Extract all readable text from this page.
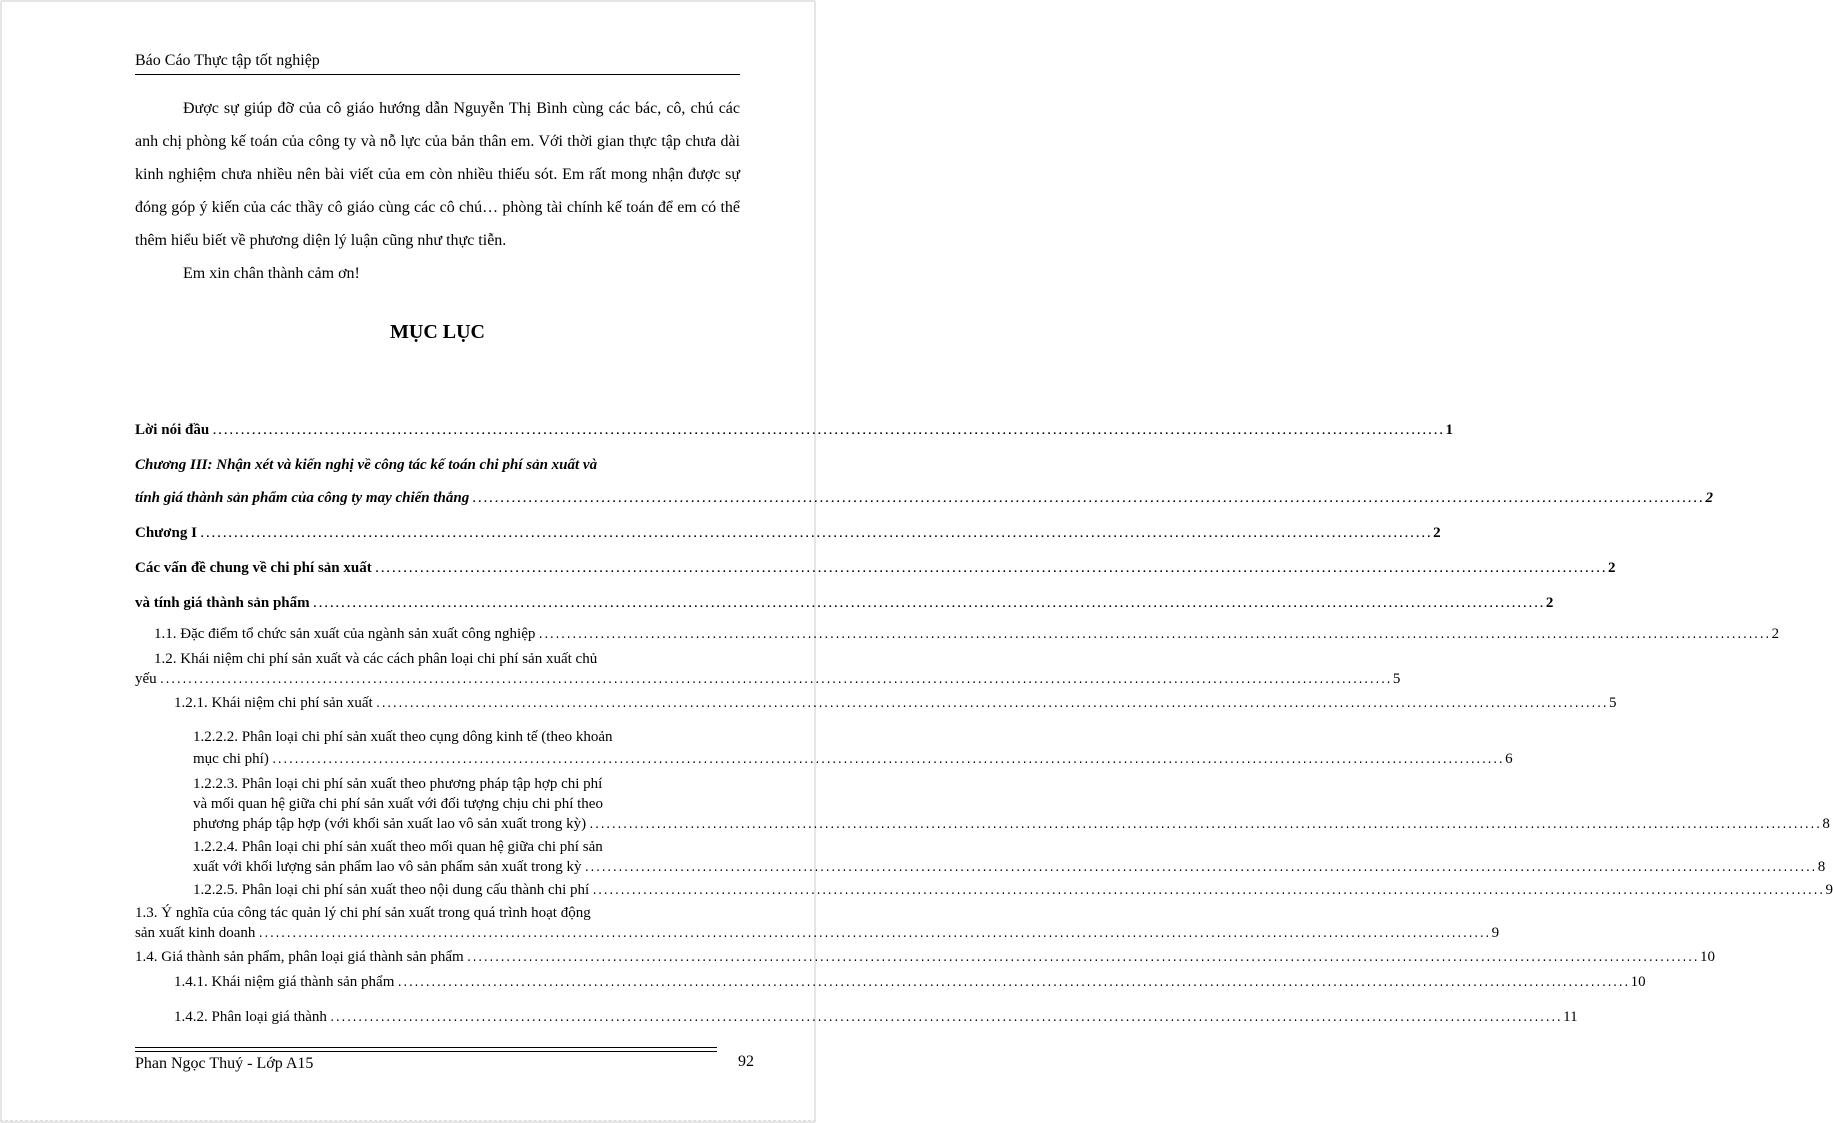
Báo Cáo Thực tập tốt nghiệp

Được sự giúp đỡ của cô giáo hướng dẫn Nguyễn Thị Bình cùng các bác, cô, chú các anh chị phòng kế toán của công ty và nỗ lực của bản thân em. Với thời gian thực tập chưa dài kinh nghiệm chưa nhiều nên bài viết của em còn nhiều thiếu sót. Em rất mong nhận được sự đóng góp ý kiến của các thầy cô giáo cùng các cô chú… phòng tài chính kế toán để em có thể thêm hiểu biết về phương diện lý luận cũng như thực tiễn.

Em xin chân thành cảm ơn!

MỤC LỤC
Lời nói đầu ............................................................................................................................................................................................................................ 1
Chương III: Nhận xét và kiến nghị về công tác kế toán chi phí sản xuất và
tính giá thành sản phẩm của công ty may chiến thắng ............................................................................................................................................................................................................................ 2
Chương I ............................................................................................................................................................................................................................ 2
Các vấn đề chung về chi phí sản xuất ............................................................................................................................................................................................................................ 2
và tính giá thành sản phẩm ............................................................................................................................................................................................................................ 2
1.1. Đặc điểm tổ chức sản xuất của ngành sản xuất công nghiệp ............................................................................................................................................................................................................................ 2
1.2. Khái niệm chi phí sản xuất và các cách phân loại chi phí sản xuất chủ
yếu ............................................................................................................................................................................................................................ 5
1.2.1. Khái niệm chi phí sản xuất ............................................................................................................................................................................................................................ 5
1.2.2.2. Phân loại chi phí sản xuất theo cụng dông kinh tế (theo khoản
mục chi phí) ............................................................................................................................................................................................................................ 6
1.2.2.3. Phân loại chi phí sản xuất theo phương pháp tập hợp chi phí
và mối quan hệ giữa chi phí sản xuất với đối tượng chịu chi phí theo
phương pháp tập hợp (với khối sản xuất lao vô sản xuất trong kỳ) ............................................................................................................................................................................................................................ 8
1.2.2.4. Phân loại chi phí sản xuất theo mối quan hệ giữa chi phí sản
xuất với khối lượng sản phẩm lao vô sản phẩm sản xuất trong kỳ ............................................................................................................................................................................................................................ 8
1.2.2.5. Phân loại chi phí sản xuất theo nội dung cấu thành chi phí ............................................................................................................................................................................................................................ 9
1.3. Ý nghĩa của công tác quản lý chi phí sản xuất trong quá trình hoạt động
sản xuất kinh doanh ............................................................................................................................................................................................................................ 9
1.4. Giá thành sản phẩm, phân loại giá thành sản phẩm ............................................................................................................................................................................................................................ 10
1.4.1. Khái niệm giá thành sản phẩm ............................................................................................................................................................................................................................ 10
1.4.2. Phân loại giá thành ............................................................................................................................................................................................................................ 11
Phan Ngọc Thuý - Lớp A15	92
